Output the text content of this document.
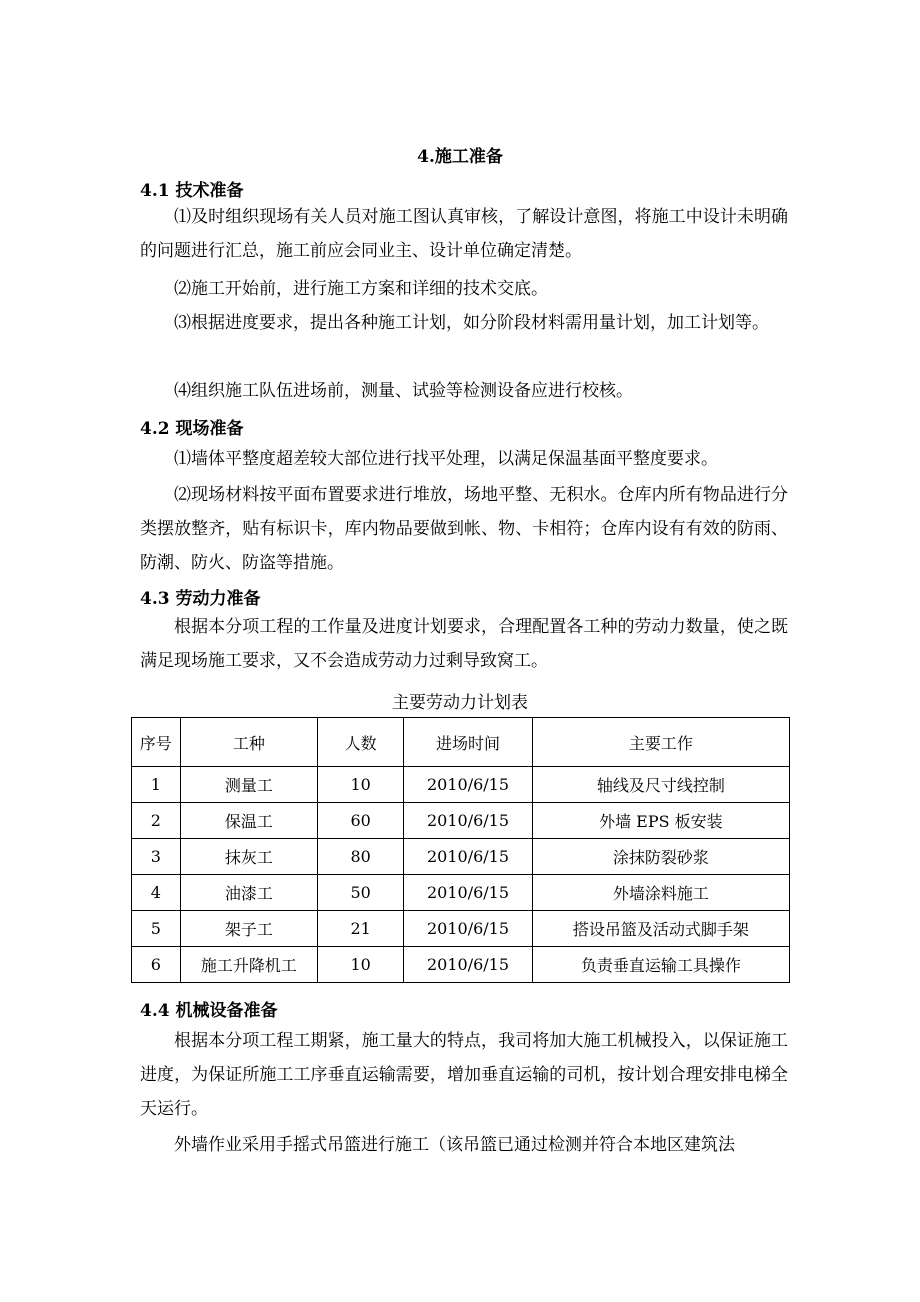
4.施工准备
4.1 技术准备
⑴及时组织现场有关人员对施工图认真审核，了解设计意图，将施工中设计未明确的问题进行汇总，施工前应会同业主、设计单位确定清楚。
⑵施工开始前，进行施工方案和详细的技术交底。
⑶根据进度要求，提出各种施工计划，如分阶段材料需用量计划，加工计划等。
⑷组织施工队伍进场前，测量、试验等检测设备应进行校核。
4.2 现场准备
⑴墙体平整度超差较大部位进行找平处理，以满足保温基面平整度要求。
⑵现场材料按平面布置要求进行堆放，场地平整、无积水。仓库内所有物品进行分类摆放整齐，贴有标识卡，库内物品要做到帐、物、卡相符；仓库内设有有效的防雨、防潮、防火、防盗等措施。
4.3 劳动力准备
根据本分项工程的工作量及进度计划要求，合理配置各工种的劳动力数量，使之既满足现场施工要求，又不会造成劳动力过剩导致窝工。
主要劳动力计划表
序号	工种	人数	进场时间	主要工作
1	测量工	10	2010/6/15	轴线及尺寸线控制
2	保温工	60	2010/6/15	外墙 EPS 板安装
3	抹灰工	80	2010/6/15	涂抹防裂砂浆
4	油漆工	50	2010/6/15	外墙涂料施工
5	架子工	21	2010/6/15	搭设吊篮及活动式脚手架
6	施工升降机工	10	2010/6/15	负责垂直运输工具操作
4.4 机械设备准备
根据本分项工程工期紧，施工量大的特点，我司将加大施工机械投入，以保证施工进度，为保证所施工工序垂直运输需要，增加垂直运输的司机，按计划合理安排电梯全天运行。
外墙作业采用手摇式吊篮进行施工（该吊篮已通过检测并符合本地区建筑法
